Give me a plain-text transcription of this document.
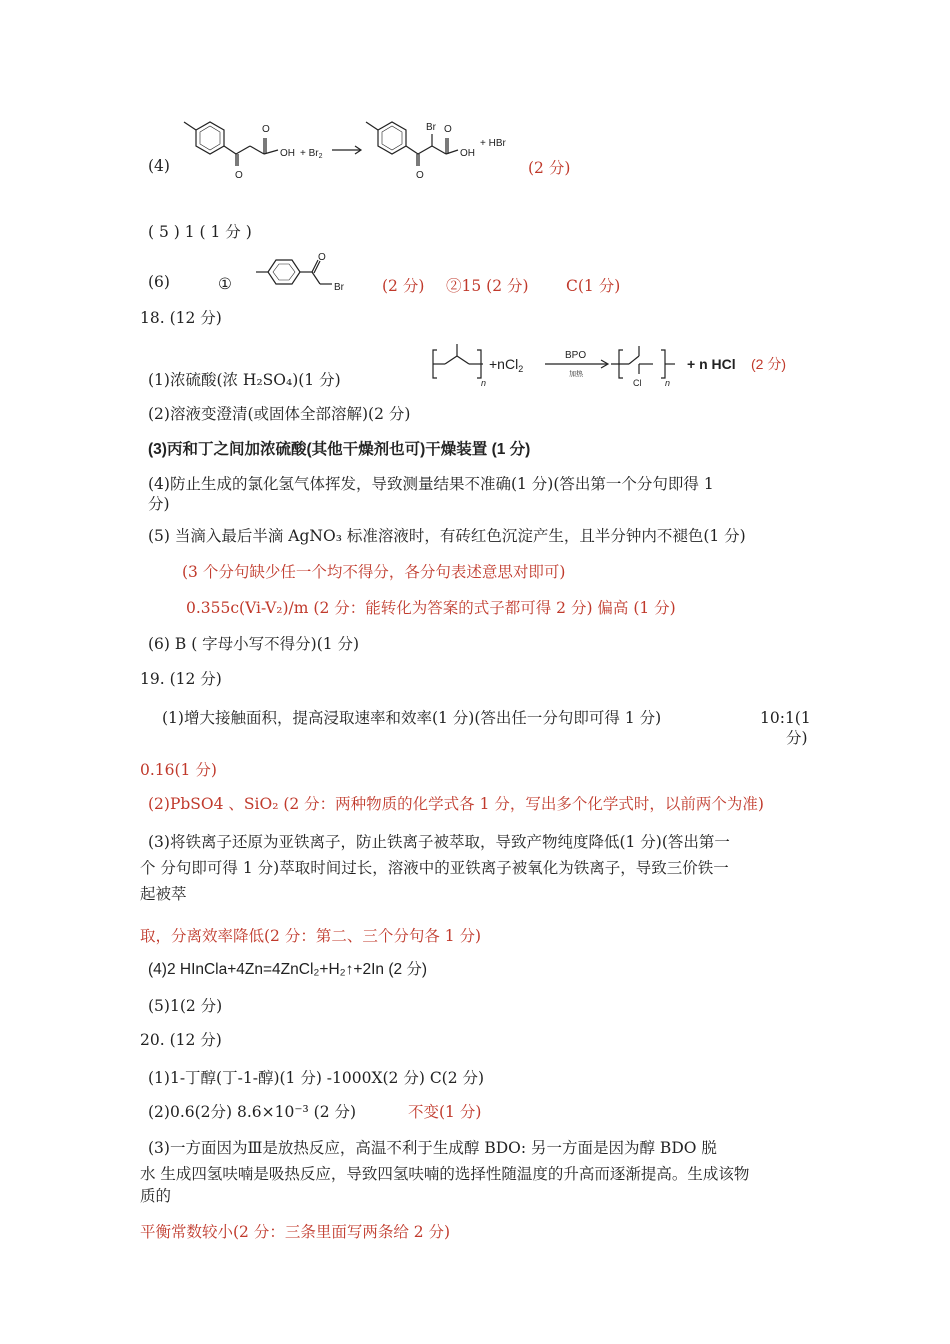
(4)
O
O
OH + $Br_2$
O
Br O
OH
+ HBr
(2 分)
( 5 ) 1 ( 1 分 )
(6)	①
O
Br (2 分) ②15 (2 分) C(1 分)
18. (12 分)
n
+nCl$_2$
BPO
加热
Cl	n
+ n HCl (2 分)
(1)浓硫酸(浓 H₂SO₄)(1 分)
(2)溶液变澄清(或固体全部溶解)(2 分)
(3)丙和丁之间加浓硫酸(其他干燥剂也可)干燥装置 (1 分)
(4)防止生成的氯化氢气体挥发，导致测量结果不准确(1 分)(答出第一个分句即得 1
分)
(5) 当滴入最后半滴 AgNO₃ 标准溶液时，有砖红色沉淀产生，且半分钟内不褪色(1 分)
(3 个分句缺少任一个均不得分，各分句表述意思对即可)
0.355c(Vi-V₂)/m (2 分：能转化为答案的式子都可得 2 分) 偏高 (1 分)
(6) B ( 字母小写不得分)(1 分)
19. (12 分)
(1)增大接触面积，提高浸取速率和效率(1 分)(答出任一分句即可得 1 分)	10:1(1
分)
0.16(1 分)
(2)PbSO4 、SiO₂ (2 分：两种物质的化学式各 1 分，写出多个化学式时，以前两个为准)
(3)将铁离子还原为亚铁离子，防止铁离子被萃取，导致产物纯度降低(1 分)(答出第一
个 分句即可得 1 分)萃取时间过长，溶液中的亚铁离子被氧化为铁离子，导致三价铁一
起被萃
取，分离效率降低(2 分：第二、三个分句各 1 分)
(4)2 HInCla+4Zn=4ZnCl₂+H₂↑+2In (2 分)
(5)1(2 分)
20. (12 分)
(1)1-丁醇(丁-1-醇)(1 分) -1000X(2 分) C(2 分)
(2)0.6(2分) 8.6×10⁻³ (2 分)	不变(1 分)
(3)一方面因为Ⅲ是放热反应，高温不利于生成醇 BDO: 另一方面是因为醇 BDO 脱
水 生成四氢呋喃是吸热反应，导致四氢呋喃的选择性随温度的升高而逐渐提高。生成该物
质的
平衡常数较小(2 分：三条里面写两条给 2 分)
